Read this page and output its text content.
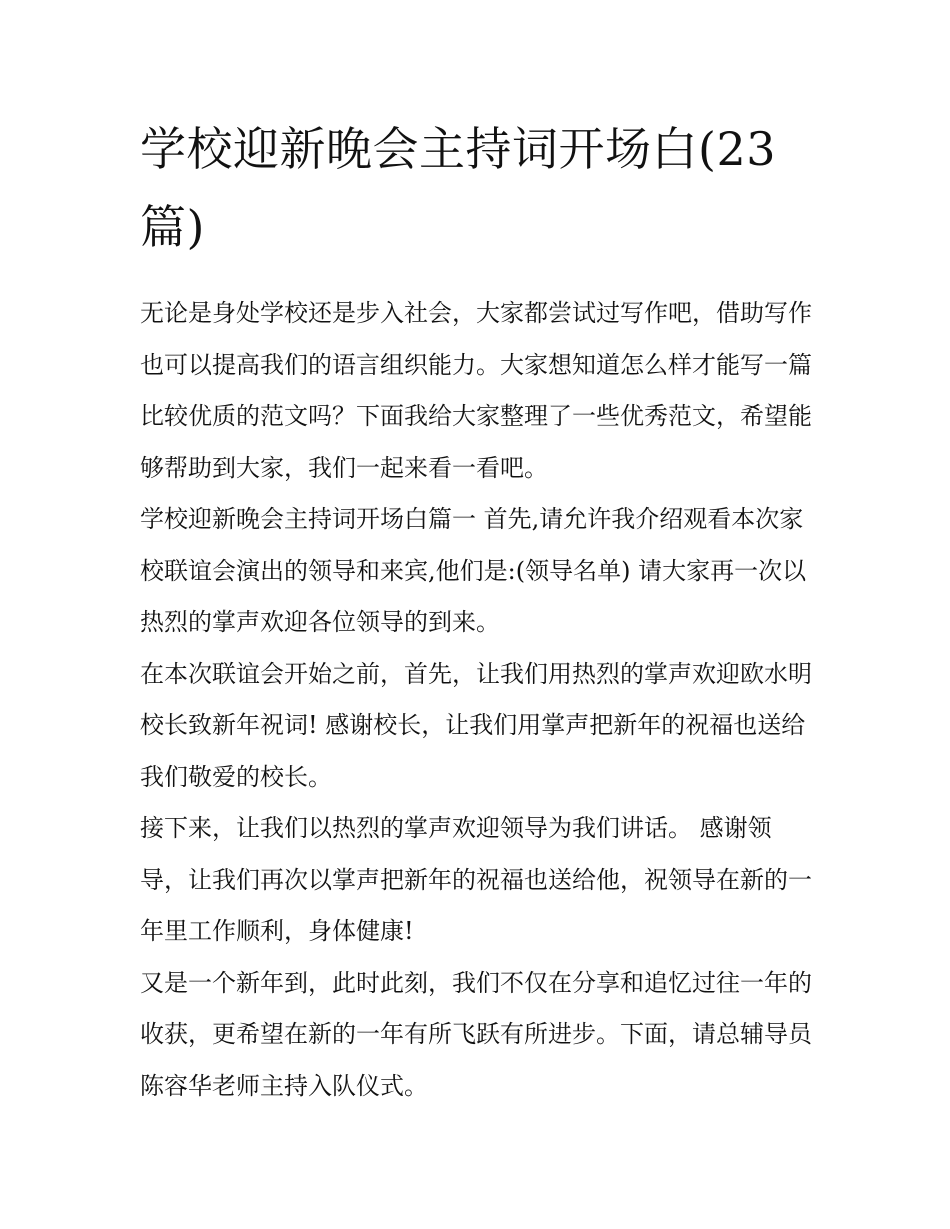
学校迎新晚会主持词开场白(23篇)

无论是身处学校还是步入社会，大家都尝试过写作吧，借助写作也可以提高我们的语言组织能力。大家想知道怎么样才能写一篇比较优质的范文吗？下面我给大家整理了一些优秀范文，希望能够帮助到大家，我们一起来看一看吧。

学校迎新晚会主持词开场白篇一 首先,请允许我介绍观看本次家校联谊会演出的领导和来宾,他们是:(领导名单) 请大家再一次以热烈的掌声欢迎各位领导的到来。

在本次联谊会开始之前，首先，让我们用热烈的掌声欢迎欧水明校长致新年祝词! 感谢校长，让我们用掌声把新年的祝福也送给我们敬爱的校长。

接下来，让我们以热烈的掌声欢迎领导为我们讲话。 感谢领导，让我们再次以掌声把新年的祝福也送给他，祝领导在新的一年里工作顺利，身体健康!

又是一个新年到，此时此刻，我们不仅在分享和追忆过往一年的收获，更希望在新的一年有所飞跃有所进步。下面，请总辅导员陈容华老师主持入队仪式。
